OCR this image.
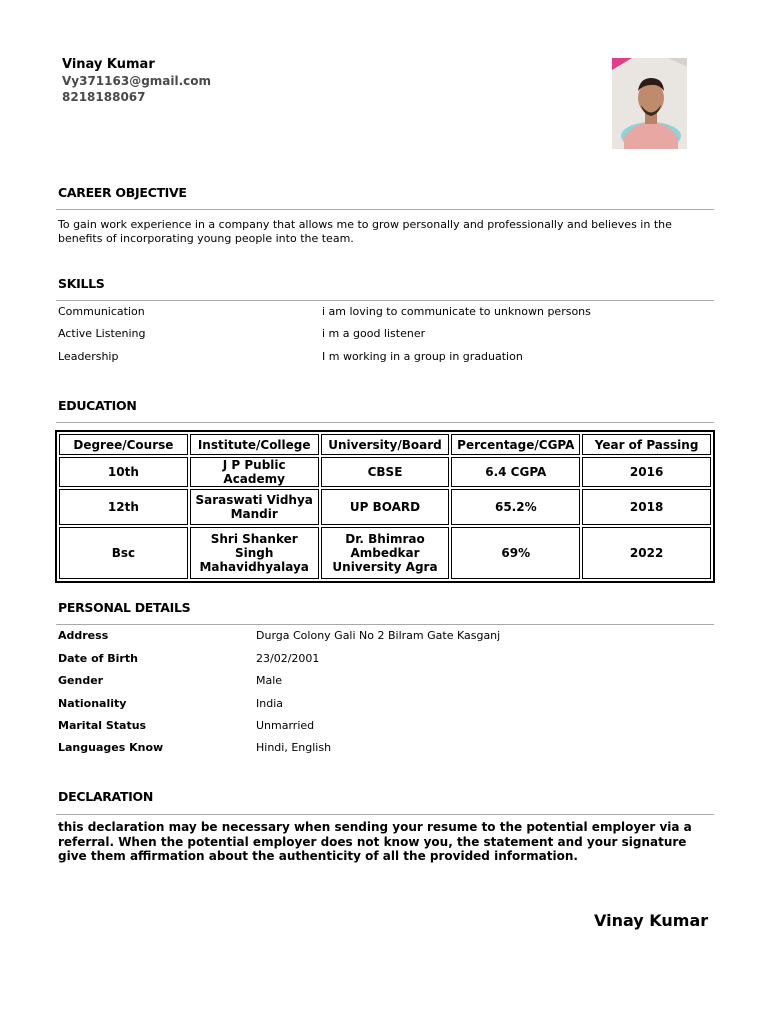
Vinay Kumar
Vy371163@gmail.com
8218188067
CAREER OBJECTIVE
To gain work experience in a company that allows me to grow personally and professionally and believes in the benefits of incorporating young people into the team.
SKILLS
Communication	i am loving to communicate to unknown persons
Active Listening	i m a good listener
Leadership	I m working in a group in graduation
EDUCATION
Degree/Course	Institute/College	University/Board	Percentage/CGPA	Year of Passing
10th	J P Public Academy	CBSE	6.4 CGPA	2016
12th	Saraswati Vidhya Mandir	UP BOARD	65.2%	2018
Bsc	Shri Shanker Singh Mahavidhyalaya	Dr. Bhimrao Ambedkar University Agra	69%	2022
PERSONAL DETAILS
Address	Durga Colony Gali No 2 Bilram Gate Kasganj
Date of Birth	23/02/2001
Gender	Male
Nationality	India
Marital Status	Unmarried
Languages Know	Hindi, English
DECLARATION
this declaration may be necessary when sending your resume to the potential employer via a referral. When the potential employer does not know you, the statement and your signature give them affirmation about the authenticity of all the provided information.
Vinay Kumar
